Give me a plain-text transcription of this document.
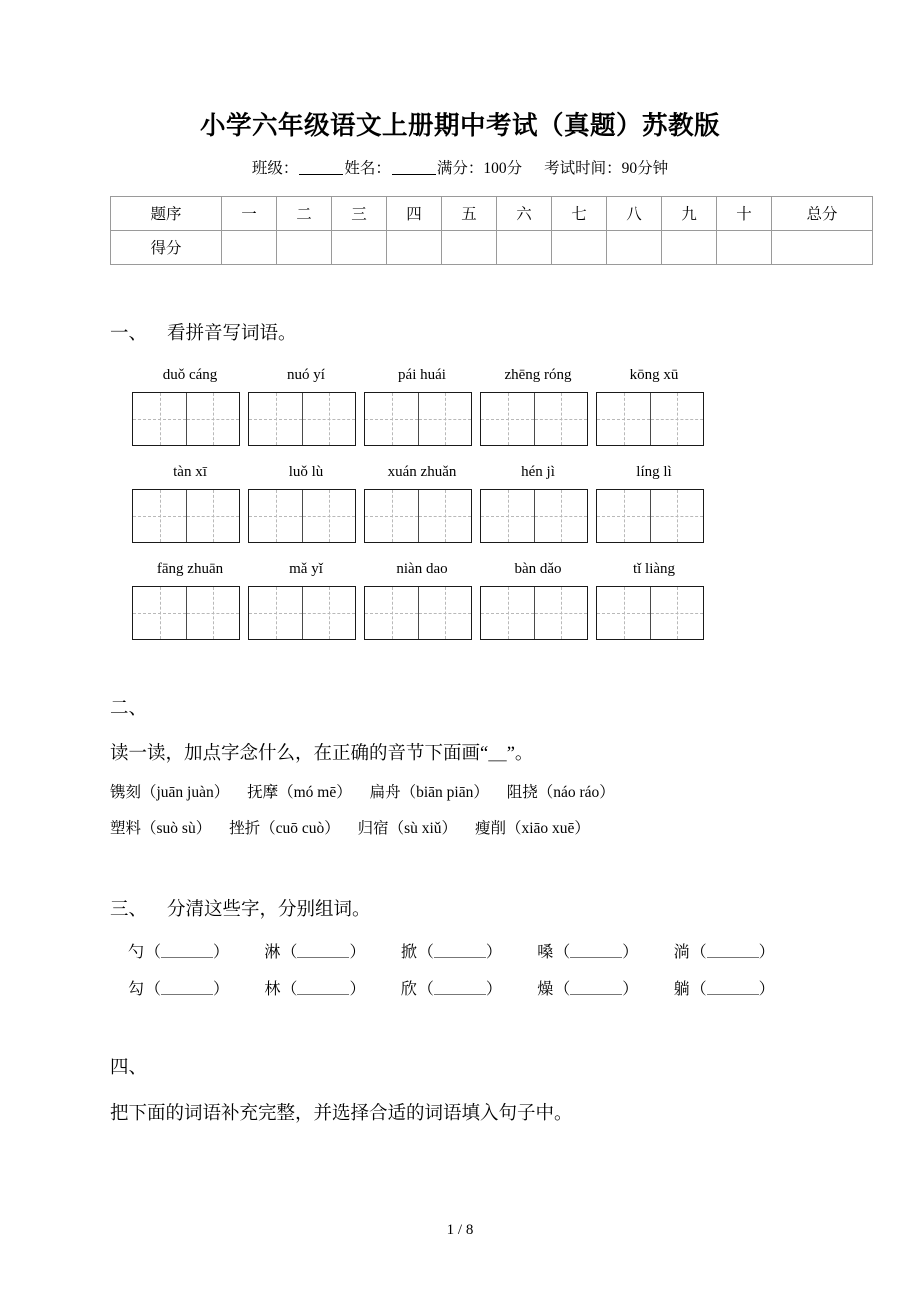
小学六年级语文上册期中考试（真题）苏教版
班级：	姓名：	满分：100分 考试时间：90分钟
题序	一	二	三	四	五	六	七	八	九	十	总分
得分											
一、 看拼音写词语。
duǒ cáng	nuó yí	pái huái	zhēng róng	kōng xū
tàn xī	luǒ lù	xuán zhuǎn	hén jì	líng lì
fāng zhuān	mǎ yǐ	niàn dao	bàn dǎo	tǐ liàng
二、
读一读，加点字念什么，在正确的音节下面画“＿”。
镌刻（juān juàn） 抚摩（mó mē） 扁舟（biān piān） 阻挠（náo ráo）
塑料（suò sù） 挫折（cuō cuò） 归宿（sù xiǔ） 瘦削（xiāo xuē）
三、 分清这些字，分别组词。
勺（	）	淋（	）	掀（	）	嗓（	）	淌（	）
勾（	）	林（	）	欣（	）	燥（	）	躺（	）
四、
把下面的词语补充完整，并选择合适的词语填入句子中。
1 / 8
